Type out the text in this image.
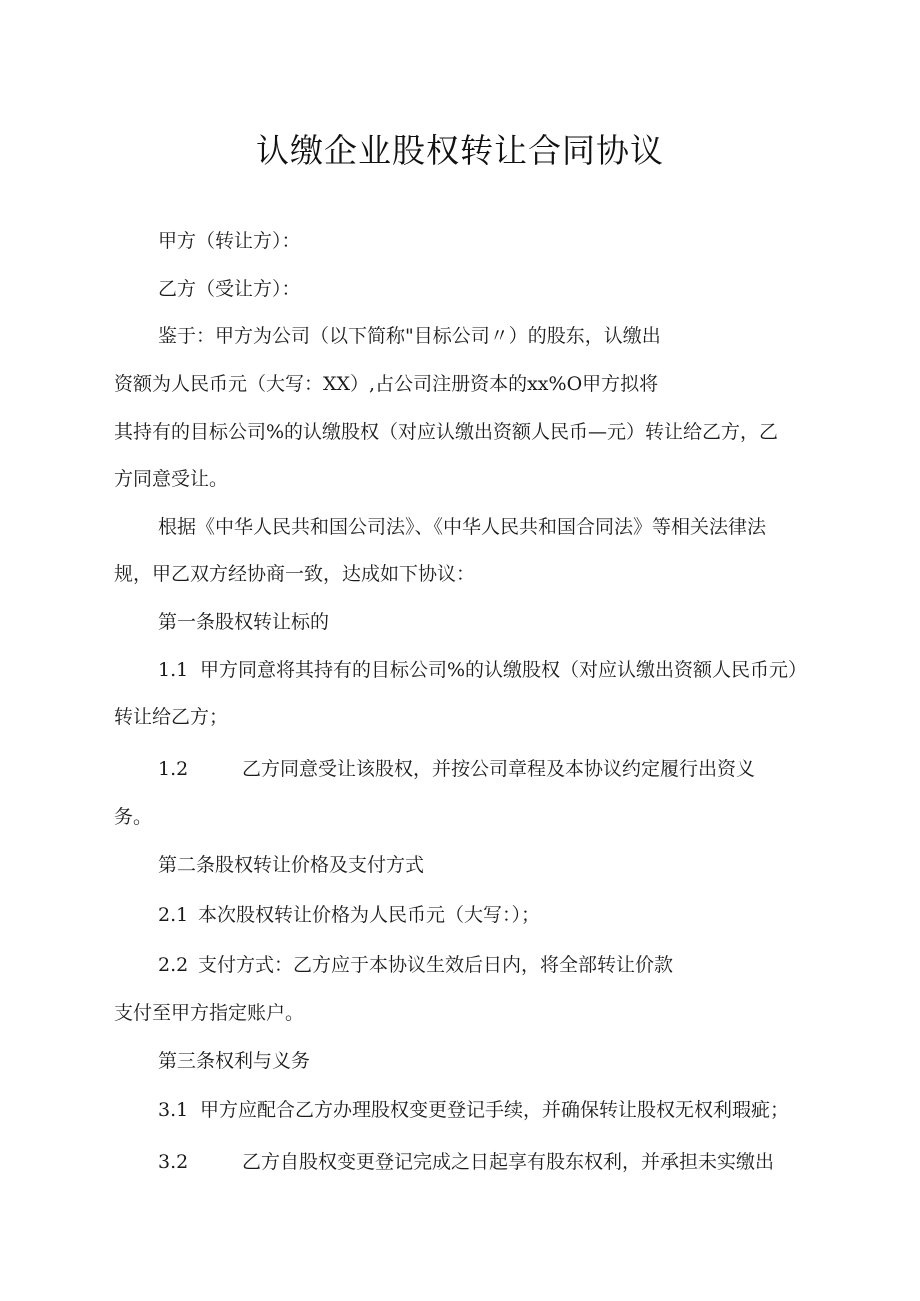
认缴企业股权转让合同协议
甲方（转让方）：
乙方（受让方）：
鉴于：甲方为公司（以下简称"目标公司〃）的股东，认缴出
资额为人民币元（大写：XX）,占公司注册资本的xx%O甲方拟将
其持有的目标公司%的认缴股权（对应认缴出资额人民币—元）转让给乙方，乙
方同意受让。
根据《中华人民共和国公司法》、《中华人民共和国合同法》等相关法律法
规，甲乙双方经协商一致，达成如下协议：
第一条股权转让标的
1.1 甲方同意将其持有的目标公司%的认缴股权（对应认缴出资额人民币元）
转让给乙方；
1.2	乙方同意受让该股权，并按公司章程及本协议约定履行出资义
务。
第二条股权转让价格及支付方式
2.1 本次股权转让价格为人民币元（大写：）；
2.2 支付方式：乙方应于本协议生效后日内，将全部转让价款
支付至甲方指定账户。
第三条权利与义务
3.1 甲方应配合乙方办理股权变更登记手续，并确保转让股权无权利瑕疵；
3.2	乙方自股权变更登记完成之日起享有股东权利，并承担未实缴出
